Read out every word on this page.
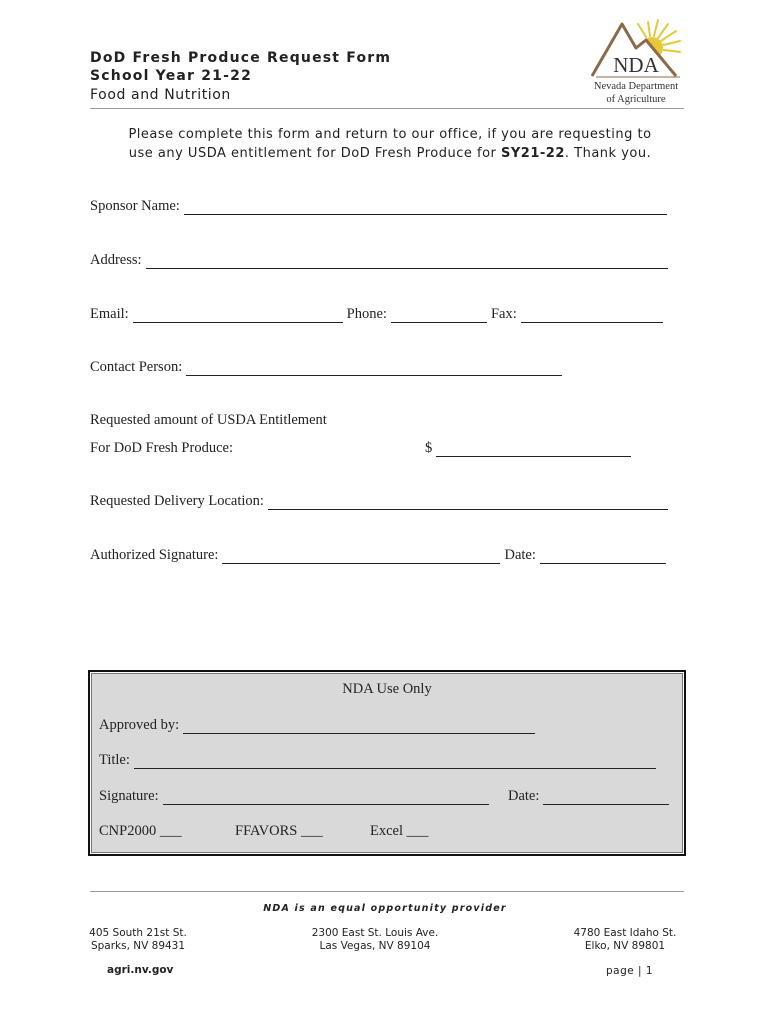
DoD Fresh Produce Request Form
School Year 21-22
Food and Nutrition
NDA
Nevada Department
of Agriculture
Please complete this form and return to our office, if you are requesting to
use any USDA entitlement for DoD Fresh Produce for SY21-22. Thank you.
Sponsor Name:
Address:
Email:	Phone:	Fax:
Contact Person:
Requested amount of USDA Entitlement
For DoD Fresh Produce:	$
Requested Delivery Location:
Authorized Signature:	Date:
NDA Use Only
Approved by:
Title:
Signature:	Date:
CNP2000 ___	FFAVORS ___	Excel ___
NDA is an equal opportunity provider
405 South 21st St.
Sparks, NV 89431
2300 East St. Louis Ave.
Las Vegas, NV 89104
4780 East Idaho St.
Elko, NV 89801
agri.nv.gov	page | 1
